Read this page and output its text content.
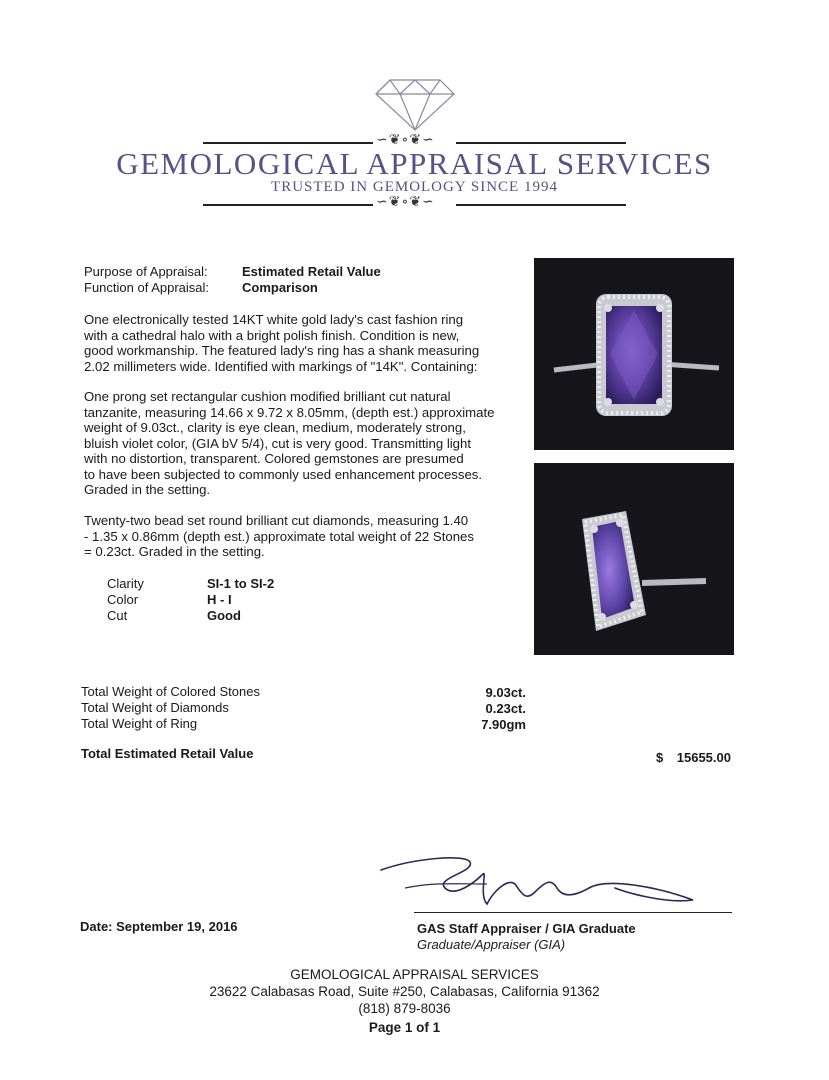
∽❦∘❦∽
GEMOLOGICAL APPRAISAL SERVICES
TRUSTED IN GEMOLOGY SINCE 1994
∽❦∘❦∽
Purpose of Appraisal:	Estimated Retail Value
Function of Appraisal:	Comparison
One electronically tested 14KT white gold lady's cast fashion ring
with a cathedral halo with a bright polish finish. Condition is new,
good workmanship. The featured lady's ring has a shank measuring
2.02 millimeters wide. Identified with markings of "14K". Containing:
One prong set rectangular cushion modified brilliant cut natural
tanzanite, measuring 14.66 x 9.72 x 8.05mm, (depth est.) approximate
weight of 9.03ct., clarity is eye clean, medium, moderately strong,
bluish violet color, (GIA bV 5/4), cut is very good. Transmitting light
with no distortion, transparent. Colored gemstones are presumed
to have been subjected to commonly used enhancement processes.
Graded in the setting.
Twenty-two bead set round brilliant cut diamonds, measuring 1.40
- 1.35 x 0.86mm (depth est.) approximate total weight of 22 Stones
= 0.23ct. Graded in the setting.
Clarity	SI-1 to SI-2
Color	H - I
Cut	Good
Total Weight of Colored Stones	9.03ct.
Total Weight of Diamonds	0.23ct.
Total Weight of Ring	7.90gm
Total Estimated Retail Value	$	15655.00
Date: September 19, 2016	GAS Staff Appraiser / GIA Graduate
Graduate/Appraiser (GIA)
GEMOLOGICAL APPRAISAL SERVICES
23622 Calabasas Road, Suite #250, Calabasas, California 91362
(818) 879-8036
Page 1 of 1
